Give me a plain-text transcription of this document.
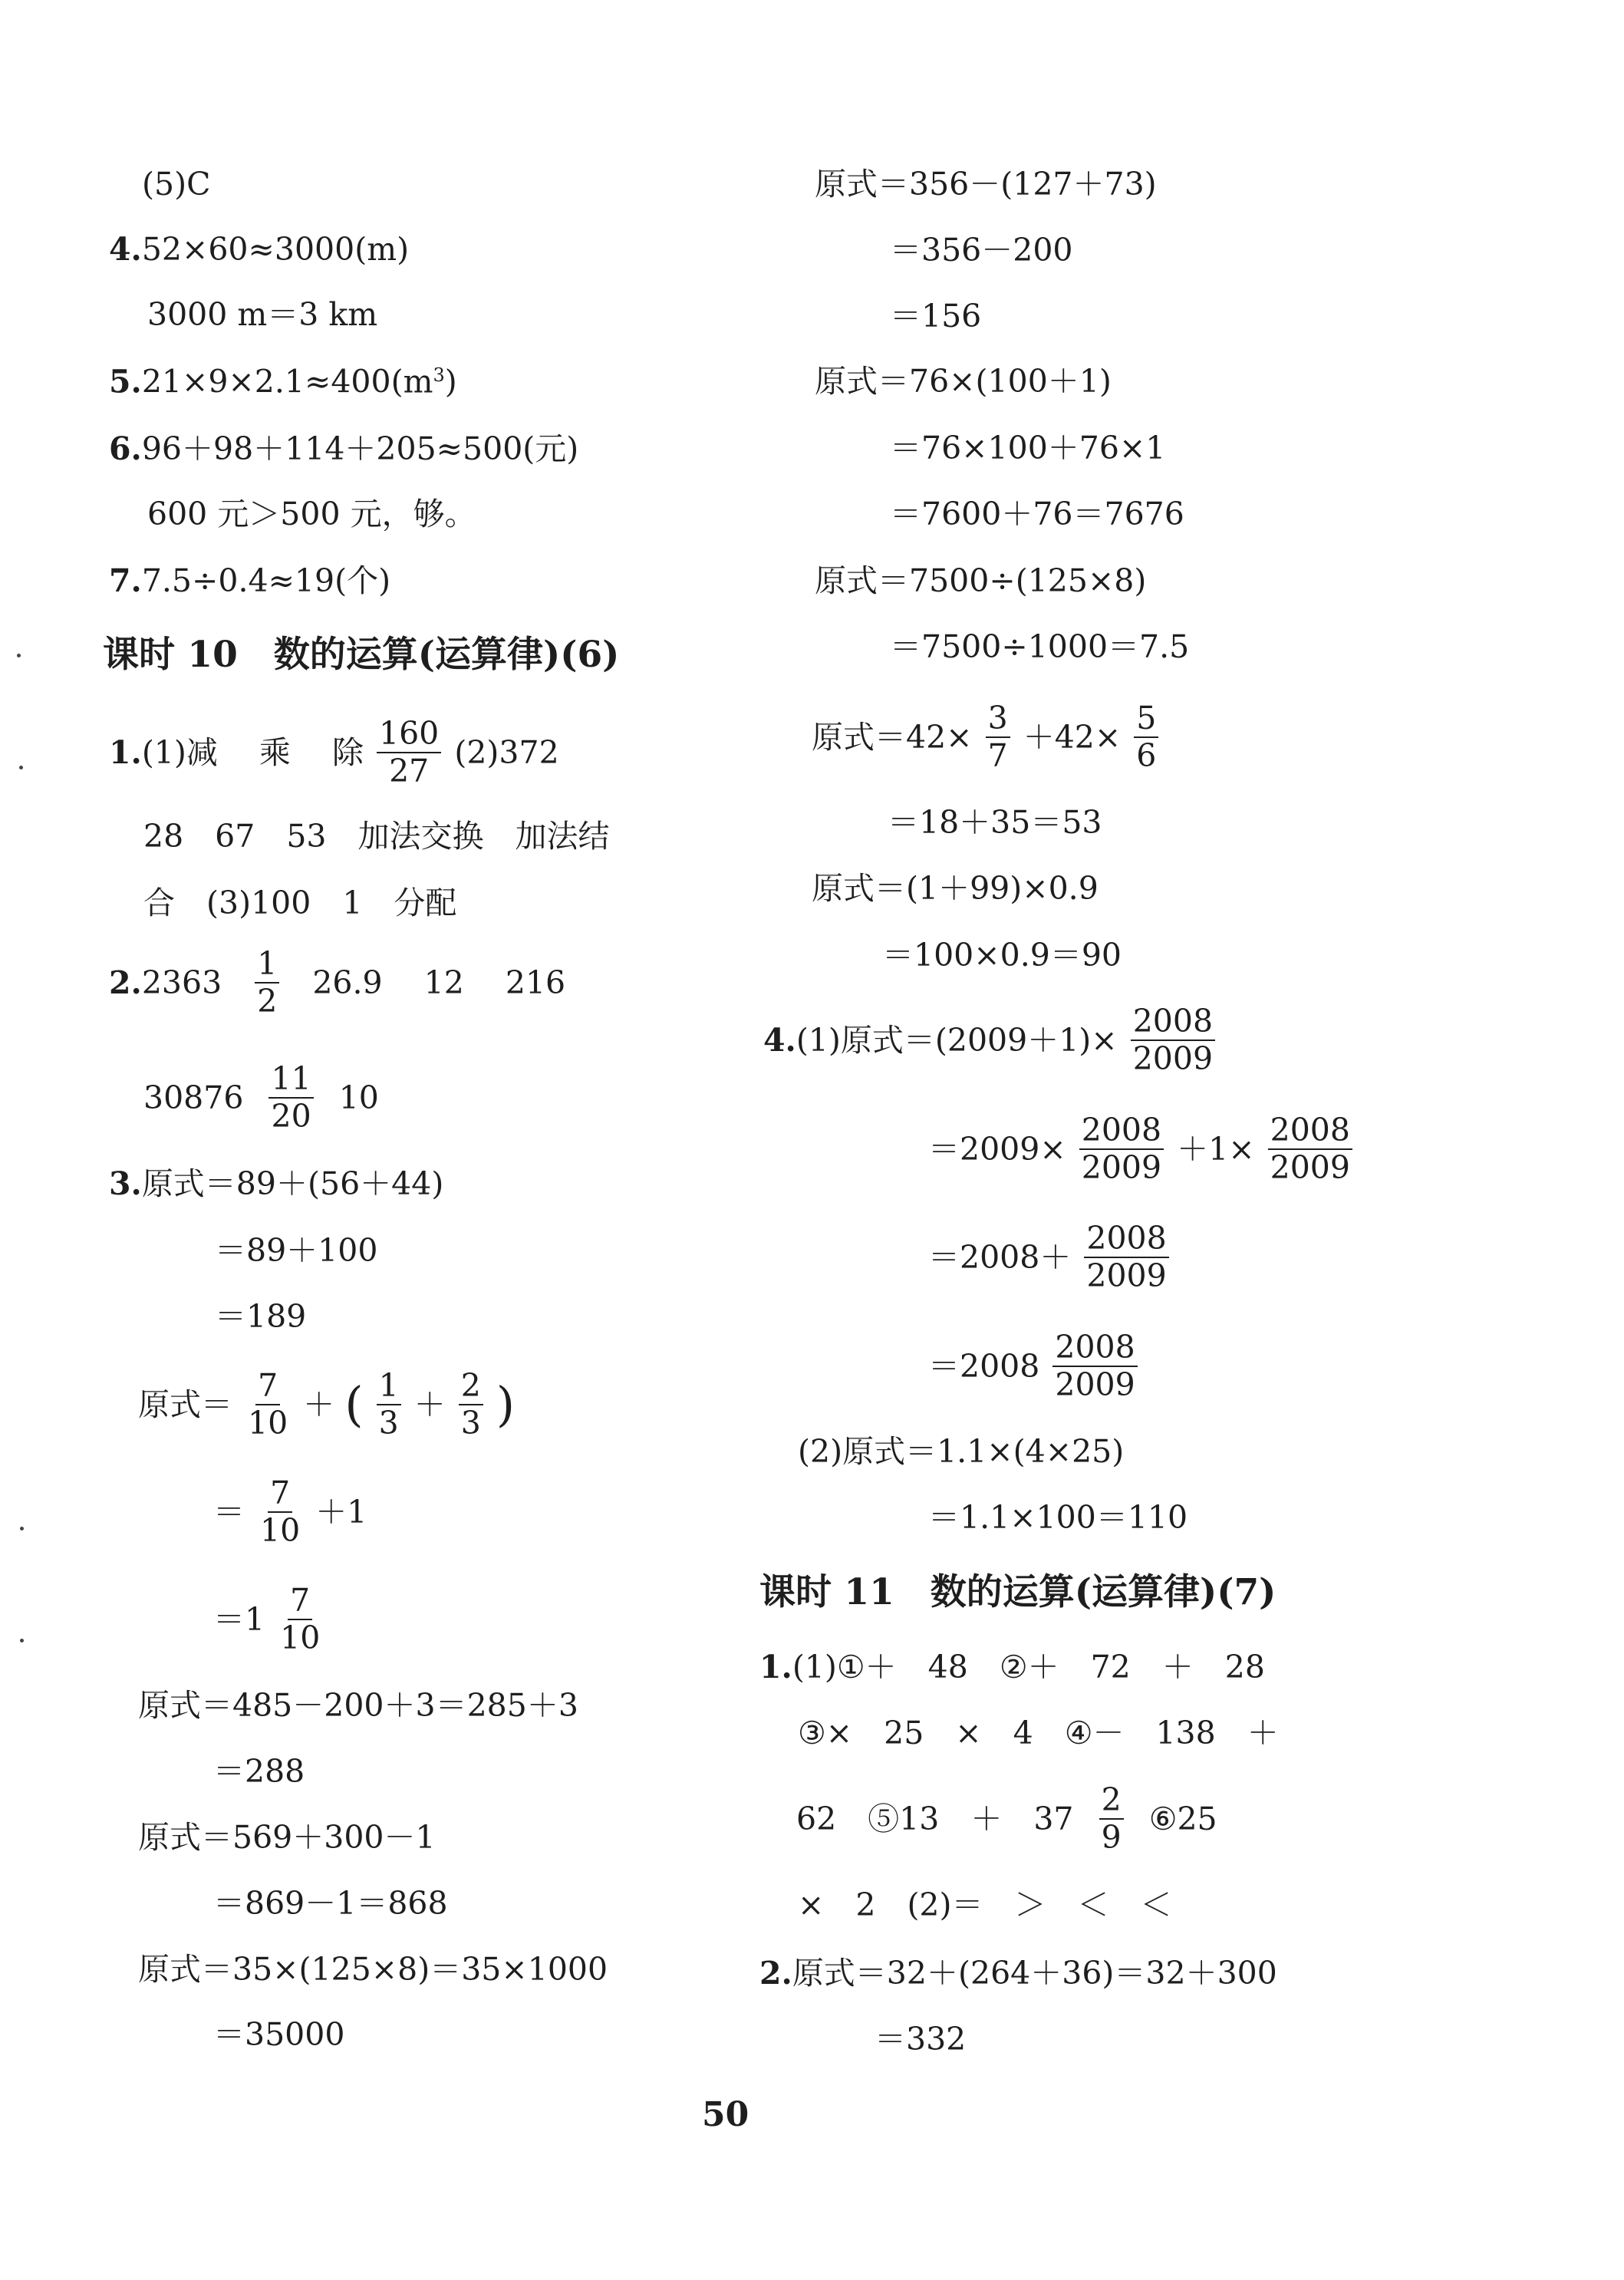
(5)C
4.52×60≈3000(m)
3000 m＝3 km
$5.21\times 9\times 2.1\approx 400(m^3)$
6.96＋98＋114＋205≈500(元)
600 元＞500 元，够。
7.7.5÷0.4≈19(个)
课时 10　数的运算(运算律)(6)
1.(1)减　 乘　 除 $\frac{160}{27} (2)372$
28　67　53　加法交换　加法结
合　(3)100　1　分配
$2.2363 \frac{1}{2} 26.9$　 12　 216
$30876 \frac{11}{20} 10$
3.原式＝89＋(56＋44)
＝89＋100
＝189
原式＝ $\frac{7}{10}$ ＋ ( $\frac{1}{3} + \frac{2}{3}$ )
＝ $\frac{7}{10} +1$
$=1 \frac{7}{10}$
原式＝485－200＋3＝285＋3
＝288
原式＝569＋300－1
＝869－1＝868
原式＝35×(125×8)＝35×1000
＝35000
原式＝356－(127＋73)
＝356－200
＝156
原式＝76×(100＋1)
＝76×100＋76×1
＝7600＋76＝7676
原式＝7500÷(125×8)
＝7500÷1000＝7.5
原式$=42\times \frac{3}{7} +42\times \frac{5}{6}$
＝18＋35＝53
原式＝(1＋99)×0.9
＝100×0.9＝90
4.(1)原式$=(2009+1)\times \frac{2008}{2009}$
$=2009\times \frac{2008}{2009} +1\times \frac{2008}{2009}$
$=2008+ \frac{2008}{2009}$
$=2008 \frac{2008}{2009}$
(2)原式＝1.1×(4×25)
＝1.1×100＝110
课时 11　数的运算(运算律)(7)
1.(1)①＋　48　②＋　72　＋　28
③×　25　×　4　④－　138　＋
62　⑤13　＋　$37 \frac{2}{9}$ ⑥25
×　2　(2)＝　＞　＜　＜
2.原式＝32＋(264＋36)＝32＋300
＝332
50
